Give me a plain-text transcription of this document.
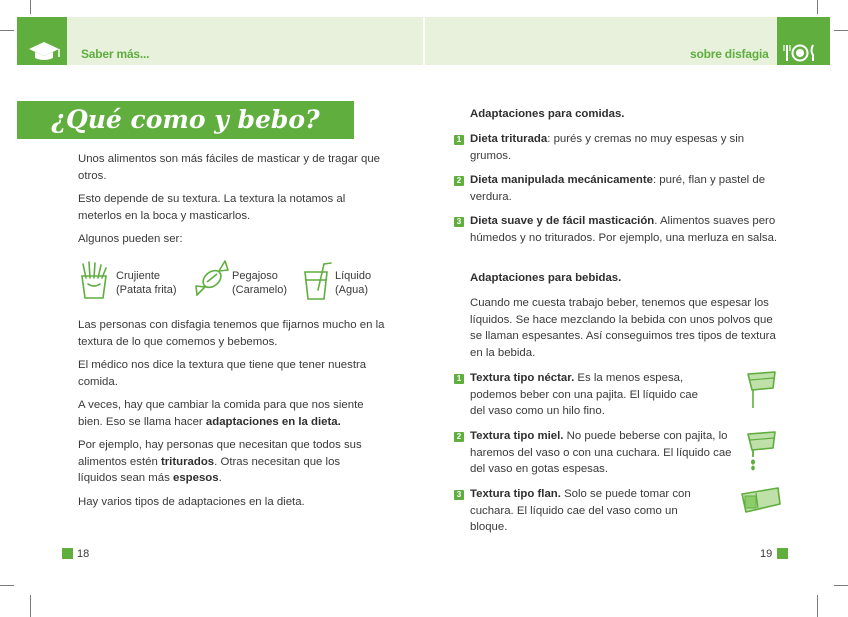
Saber más...	sobre disfagia
¿Qué como y bebo?
Unos alimentos son más fáciles de masticar y de tragar que otros.
Esto depende de su textura. La textura la notamos al meterlos en la boca y masticarlos.
Algunos pueden ser:
Crujiente
(Patata frita)
Pegajoso
(Caramelo)
Líquido
(Agua)
Las personas con disfagia tenemos que fijarnos mucho en la textura de lo que comemos y bebemos.
El médico nos dice la textura que tiene que tener nuestra comida.
A veces, hay que cambiar la comida para que nos siente bien. Eso se llama hacer adaptaciones en la dieta.
Por ejemplo, hay personas que necesitan que todos sus alimentos estén triturados. Otras necesitan que los líquidos sean más espesos.
Hay varios tipos de adaptaciones en la dieta.
18
Adaptaciones para comidas.
1 Dieta triturada: purés y cremas no muy espesas y sin grumos.
2 Dieta manipulada mecánicamente: puré, flan y pastel de verdura.
3 Dieta suave y de fácil masticación. Alimentos suaves pero húmedos y no triturados. Por ejemplo, una merluza en salsa.
Adaptaciones para bebidas.
Cuando me cuesta trabajo beber, tenemos que espesar los líquidos. Se hace mezclando la bebida con unos polvos que se llaman espesantes. Así conseguimos tres tipos de textura en la bebida.
1 Textura tipo néctar. Es la menos espesa, podemos beber con una pajita. El líquido cae del vaso como un hilo fino.
2 Textura tipo miel. No puede beberse con pajita, lo haremos del vaso o con una cuchara. El líquido cae del vaso en gotas espesas.
3 Textura tipo flan. Solo se puede tomar con cuchara. El líquido cae del vaso como un bloque.
19
